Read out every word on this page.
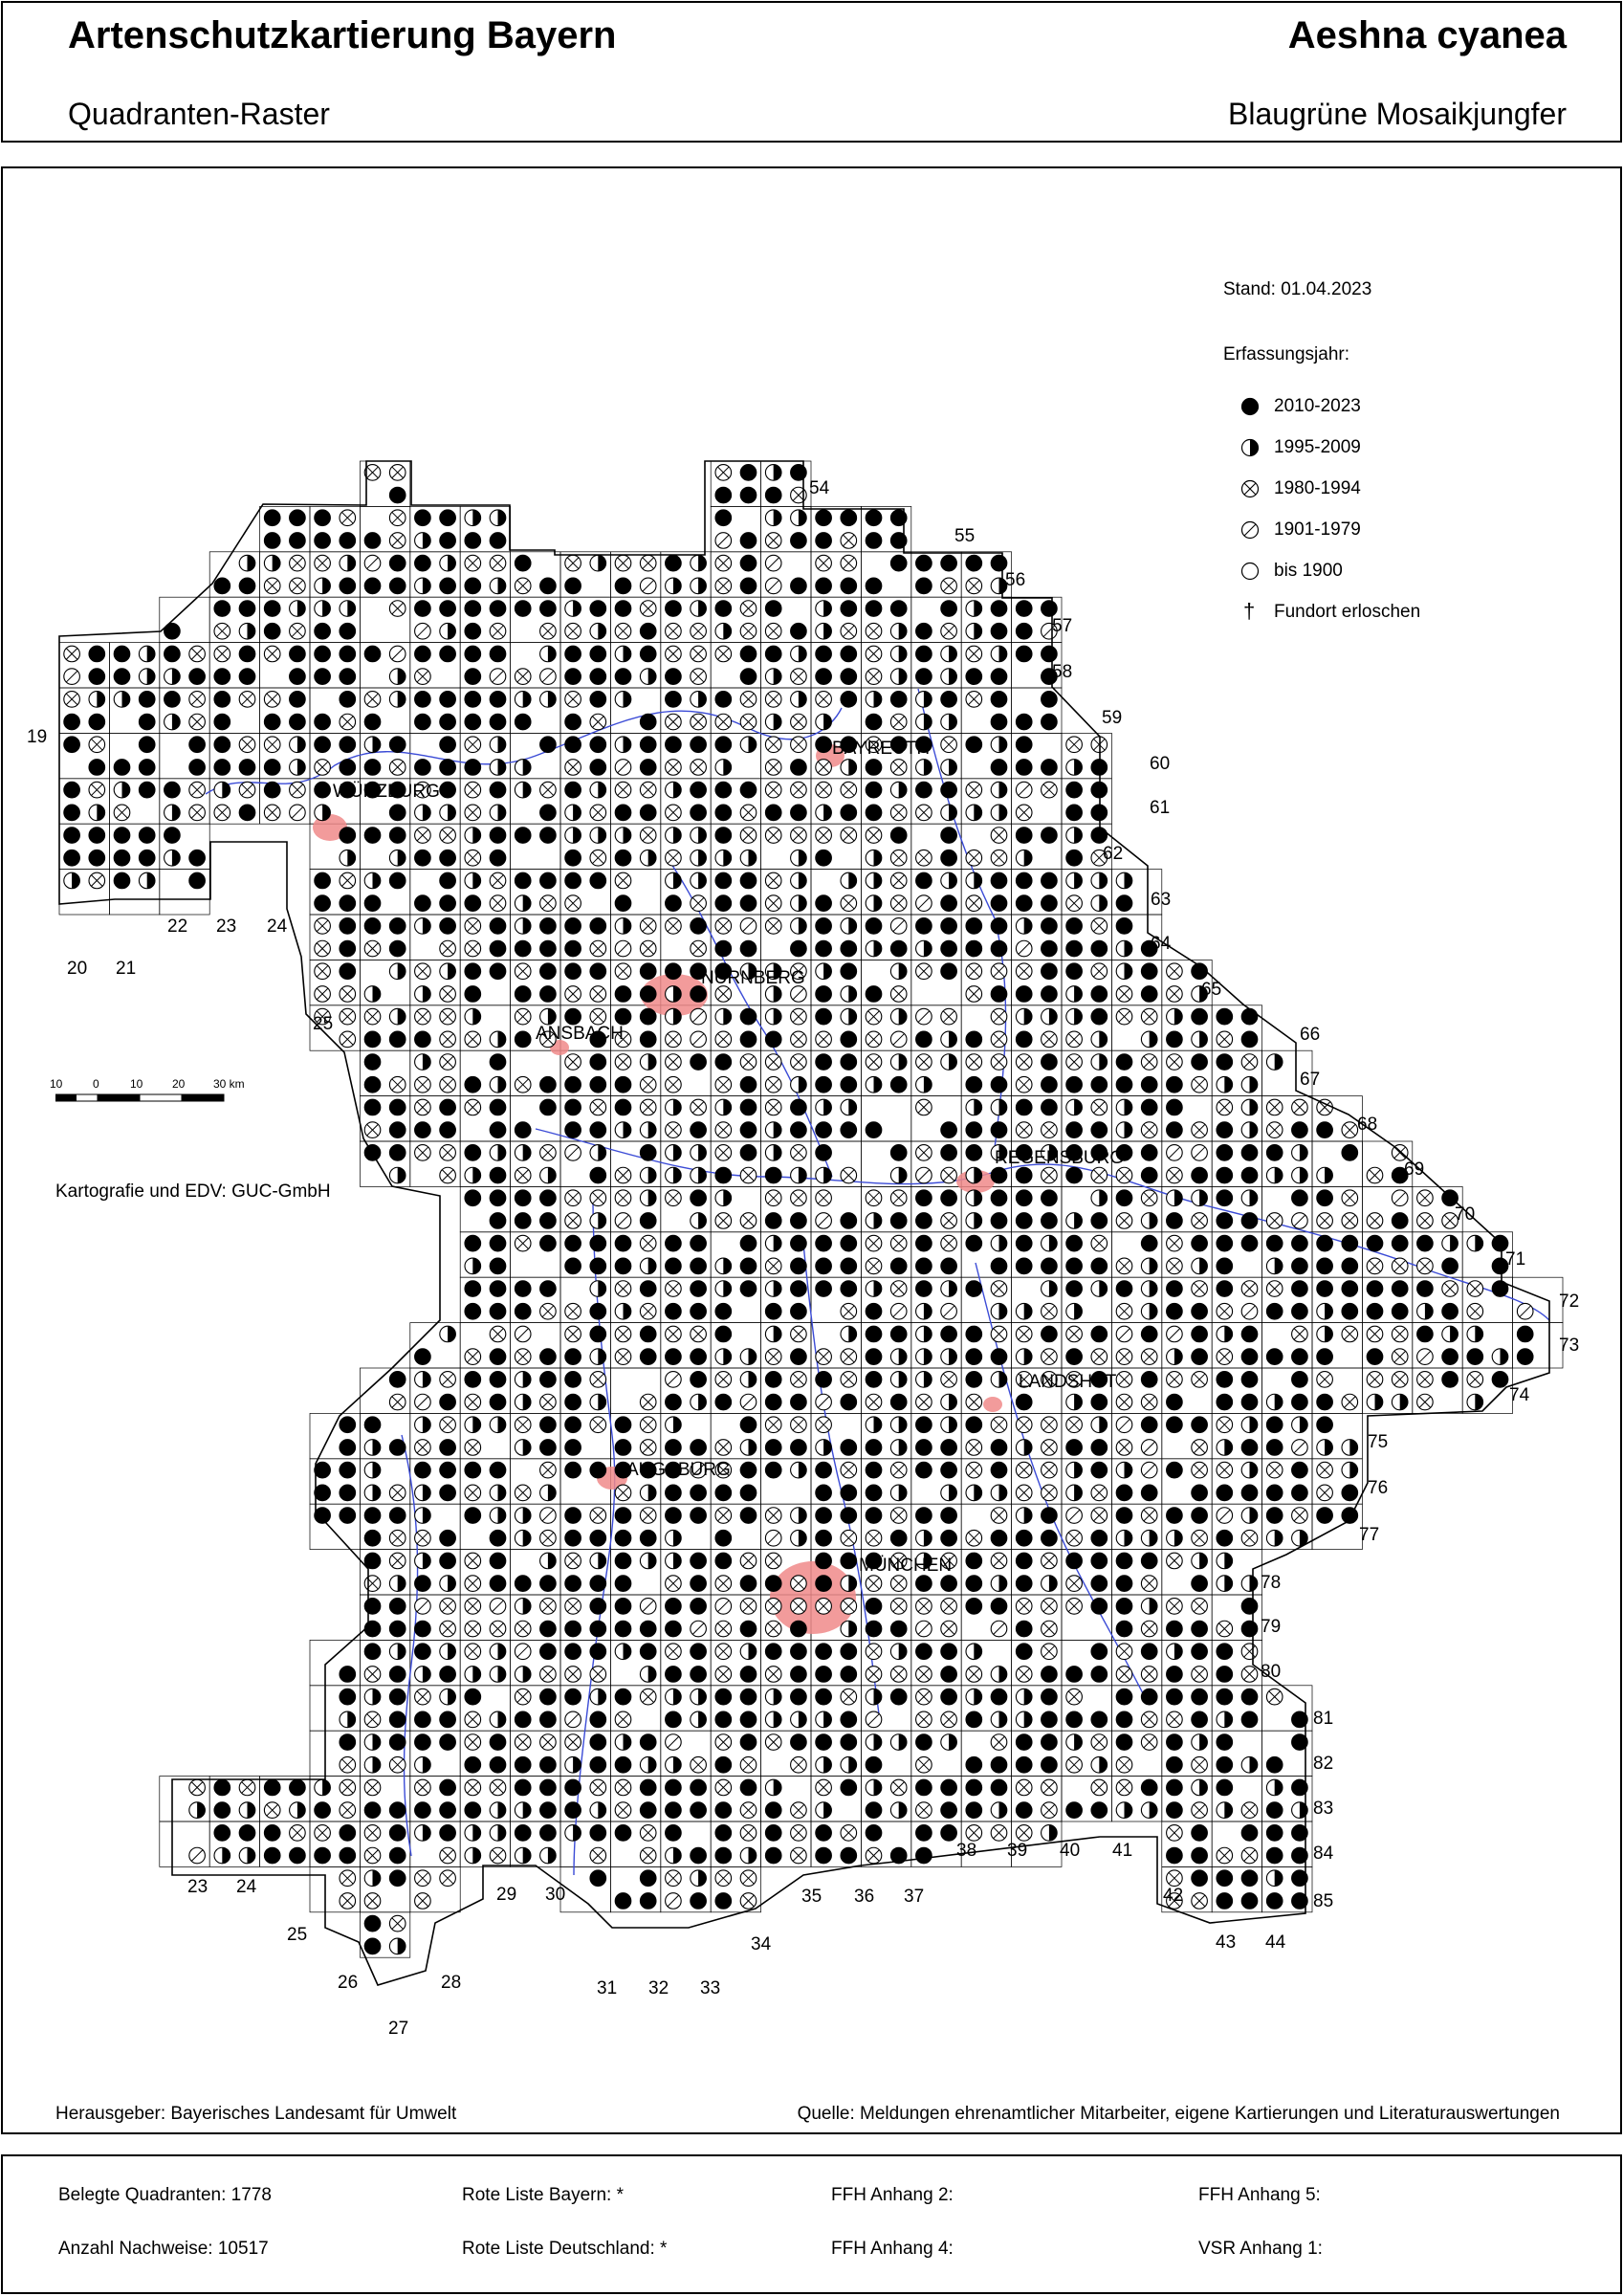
Artenschutzkartierung Bayern
Quadranten-Raster
Aeshna cyanea
Blaugrüne Mosaikjungfer
WÜRZBURG
BAYREUTH
NÜRNBERG
ANSBACH
REGENSBURG
LANDSHUT
AUGSBURG
MÜNCHEN
Stand: 01.04.2023
Erfassungsjahr:
2010-2023
1995-2009
1980-1994
1901-1979
bis 1900
† Fundort erloschen
10	0	10	20 30 km
Kartografie und EDV: GUC-GmbH
19
54
55
56
57
58
59
60
61
62
63
64
65
66
67
68
69
70
71
72
73
74
75
76
77
78
79
80
81
82
83
84
85
20 21
22 23 24
25
23 24
25
26
27
28
29 30
31 32 33
34
35 36 37
38 39 40 41
42
43 44
Herausgeber: Bayerisches Landesamt für Umwelt	Quelle: Meldungen ehrenamtlicher Mitarbeiter, eigene Kartierungen und Literaturauswertungen
Belegte Quadranten: 1778
Anzahl Nachweise: 10517
Rote Liste Bayern: *
Rote Liste Deutschland: *
FFH Anhang 2:
FFH Anhang 4:
FFH Anhang 5:
VSR Anhang 1:
